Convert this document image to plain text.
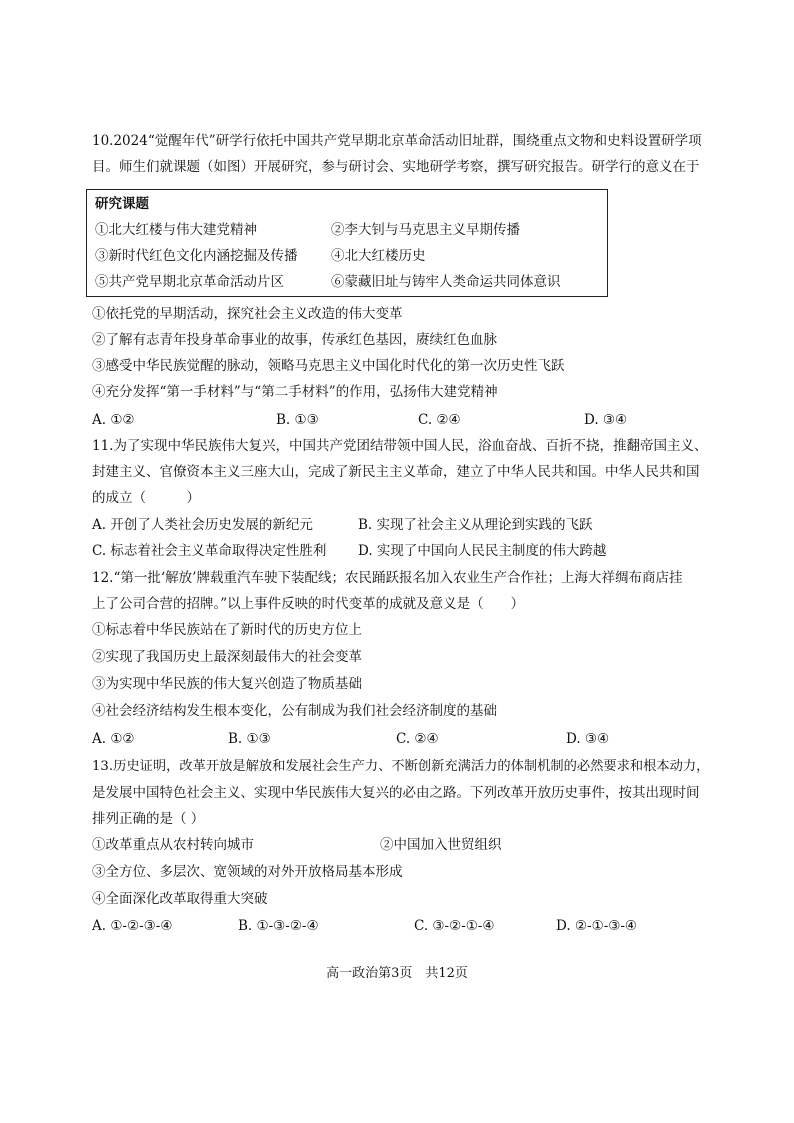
10.2024“觉醒年代”研学行依托中国共产党早期北京革命活动旧址群，围绕重点文物和史料设置研学项
目。师生们就课题（如图）开展研究，参与研讨会、实地研学考察，撰写研究报告。研学行的意义在于
研究课题
①北大红楼与伟大建党精神	②李大钊与马克思主义早期传播
③新时代红色文化内涵挖掘及传播 ④北大红楼历史
⑤共产党早期北京革命活动片区	⑥蒙藏旧址与铸牢人类命运共同体意识
①依托党的早期活动，探究社会主义改造的伟大变革
②了解有志青年投身革命事业的故事，传承红色基因，赓续红色血脉
③感受中华民族觉醒的脉动，领略马克思主义中国化时代化的第一次历史性飞跃
④充分发挥“第一手材料”与“第二手材料”的作用，弘扬伟大建党精神
A. ①②	B. ①③	C. ②④	D. ③④
11.为了实现中华民族伟大复兴，中国共产党团结带领中国人民，浴血奋战、百折不挠，推翻帝国主义、
封建主义、官僚资本主义三座大山，完成了新民主主义革命，建立了中华人民共和国。中华人民共和国
的成立（　　　）
A. 开创了人类社会历史发展的新纪元	B. 实现了社会主义从理论到实践的飞跃
C. 标志着社会主义革命取得决定性胜利 D. 实现了中国向人民民主制度的伟大跨越
12.“第一批‘解放’牌载重汽车驶下装配线；农民踊跃报名加入农业生产合作社；上海大祥绸布商店挂
上了公司合营的招牌。”以上事件反映的时代变革的成就及意义是（　　）
①标志着中华民族站在了新时代的历史方位上
②实现了我国历史上最深刻最伟大的社会变革
③为实现中华民族的伟大复兴创造了物质基础
④社会经济结构发生根本变化，公有制成为我们社会经济制度的基础
A. ①②	B. ①③	C. ②④	D. ③④
13.历史证明，改革开放是解放和发展社会生产力、不断创新充满活力的体制机制的必然要求和根本动力，
是发展中国特色社会主义、实现中华民族伟大复兴的必由之路。下列改革开放历史事件，按其出现时间
排列正确的是（ ）
①改革重点从农村转向城市	②中国加入世贸组织
③全方位、多层次、宽领域的对外开放格局基本形成
④全面深化改革取得重大突破
A. ①-②-③-④	B. ①-③-②-④	C. ③-②-①-④	D. ②-①-③-④
高一政治第3页　共12页
